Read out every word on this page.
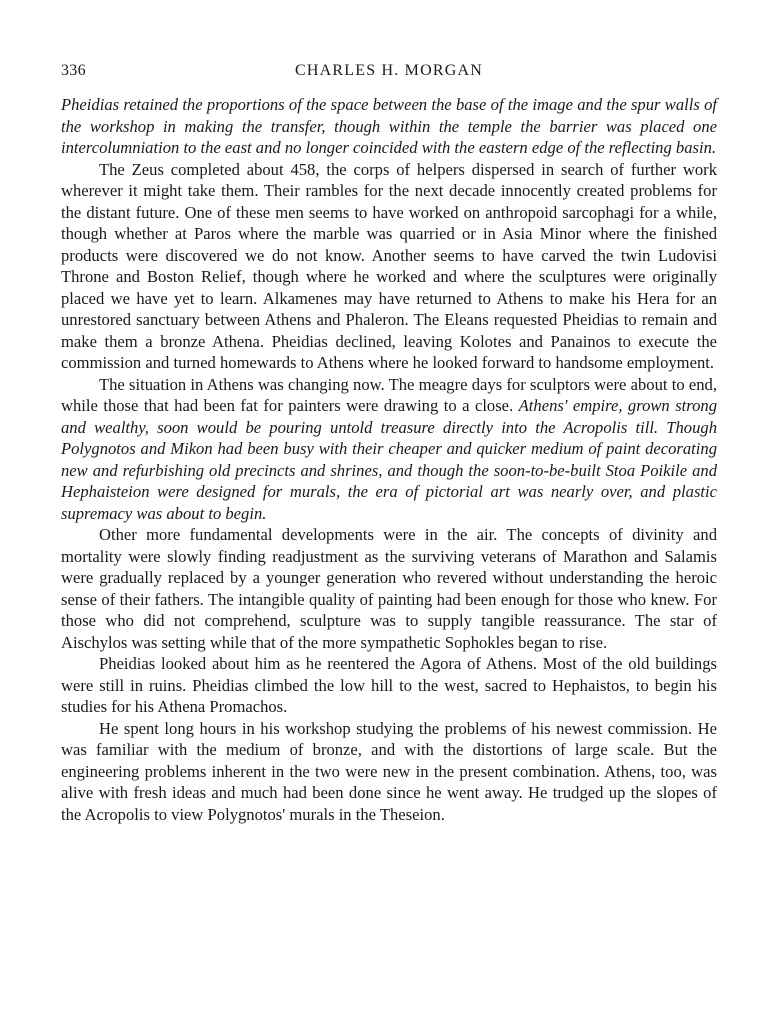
CHARLES H. MORGAN
336

Pheidias retained the proportions of the space between the base of the image and the spur walls of the workshop in making the transfer, though within the temple the barrier was placed one intercolumniation to the east and no longer coincided with the eastern edge of the reflecting basin.

The Zeus completed about 458, the corps of helpers dispersed in search of further work wherever it might take them. Their rambles for the next decade innocently created problems for the distant future. One of these men seems to have worked on anthropoid sarcophagi for a while, though whether at Paros where the marble was quarried or in Asia Minor where the finished products were discovered we do not know. Another seems to have carved the twin Ludovisi Throne and Boston Relief, though where he worked and where the sculptures were originally placed we have yet to learn. Alkamenes may have returned to Athens to make his Hera for an unrestored sanctuary between Athens and Phaleron. The Eleans requested Pheidias to remain and make them a bronze Athena. Pheidias declined, leaving Kolotes and Panainos to execute the commission and turned homewards to Athens where he looked forward to handsome employment.

The situation in Athens was changing now. The meagre days for sculptors were about to end, while those that had been fat for painters were drawing to a close. Athens' empire, grown strong and wealthy, soon would be pouring untold treasure directly into the Acropolis till. Though Polygnotos and Mikon had been busy with their cheaper and quicker medium of paint decorating new and refurbishing old precincts and shrines, and though the soon-to-be-built Stoa Poikile and Hephaisteion were designed for murals, the era of pictorial art was nearly over, and plastic supremacy was about to begin.

Other more fundamental developments were in the air. The concepts of divinity and mortality were slowly finding readjustment as the surviving veterans of Marathon and Salamis were gradually replaced by a younger generation who revered without understanding the heroic sense of their fathers. The intangible quality of painting had been enough for those who knew. For those who did not comprehend, sculpture was to supply tangible reassurance. The star of Aischylos was setting while that of the more sympathetic Sophokles began to rise.

Pheidias looked about him as he reentered the Agora of Athens. Most of the old buildings were still in ruins. Pheidias climbed the low hill to the west, sacred to Hephaistos, to begin his studies for his Athena Promachos.

He spent long hours in his workshop studying the problems of his newest commission. He was familiar with the medium of bronze, and with the distortions of large scale. But the engineering problems inherent in the two were new in the present combination. Athens, too, was alive with fresh ideas and much had been done since he went away. He trudged up the slopes of the Acropolis to view Polygnotos' murals in the Theseion.
